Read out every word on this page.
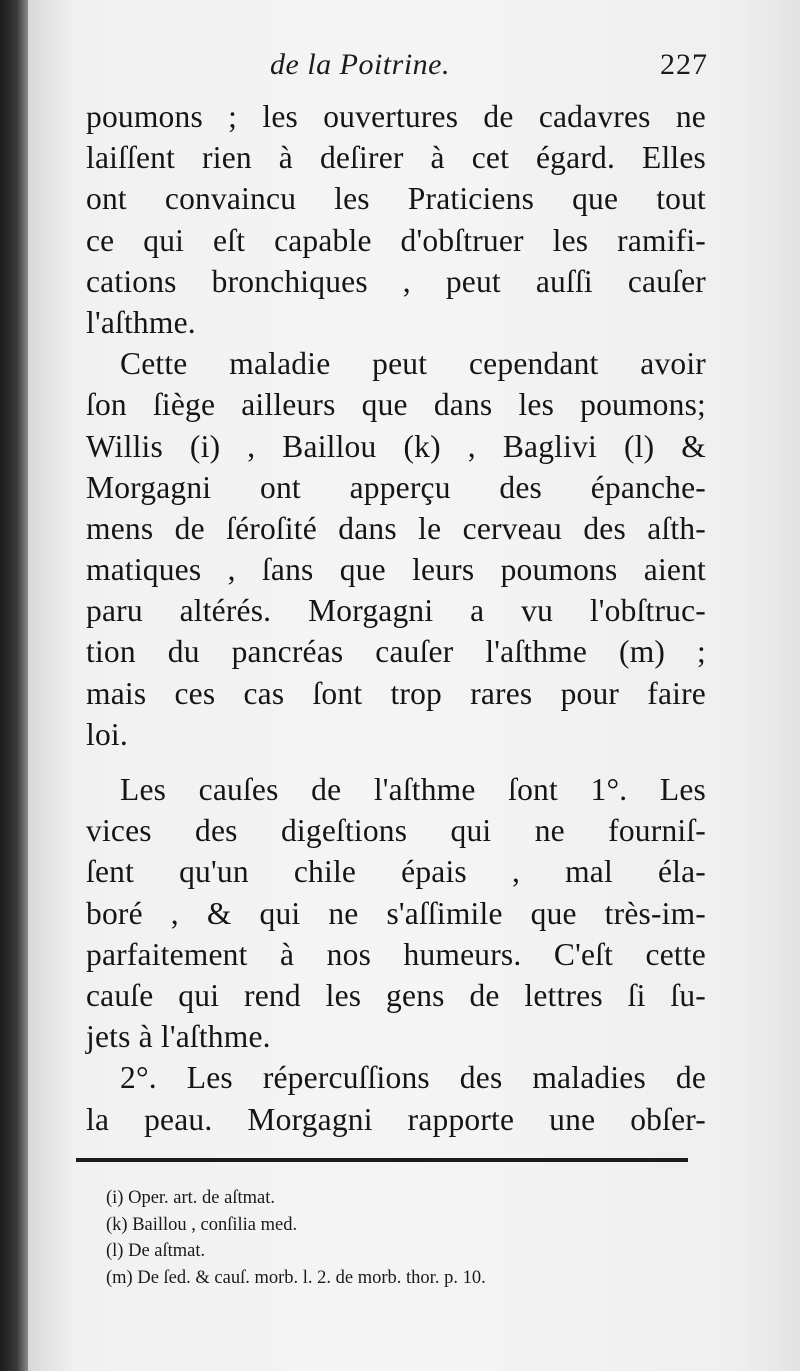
de la Poitrine.	227
poumons ; les ouvertures de cadavres ne
laiſſent rien à deſirer à cet égard. Elles
ont convaincu les Praticiens que tout
ce qui eſt capable d'obſtruer les ramifi-
cations bronchiques , peut auſſi cauſer
l'aſthme.
Cette maladie peut cependant avoir
ſon ſiège ailleurs que dans les poumons;
Willis (i) , Baillou (k) , Baglivi (l) &
Morgagni ont apperçu des épanche-
mens de ſéroſité dans le cerveau des aſth-
matiques , ſans que leurs poumons aient
paru altérés. Morgagni a vu l'obſtruc-
tion du pancréas cauſer l'aſthme (m) ;
mais ces cas ſont trop rares pour faire
loi.
Les cauſes de l'aſthme ſont 1°. Les
vices des digeſtions qui ne fourniſ-
ſent qu'un chile épais , mal éla-
boré , & qui ne s'aſſimile que très-im-
parfaitement à nos humeurs. C'eſt cette
cauſe qui rend les gens de lettres ſi ſu-
jets à l'aſthme.
2°. Les répercuſſions des maladies de
la peau. Morgagni rapporte une obſer-
(i) Oper. art. de aſtmat.
(k) Baillou , conſilia med.
(l) De aſtmat.
(m) De ſed. & cauſ. morb. l. 2. de morb. thor. p. 10.
